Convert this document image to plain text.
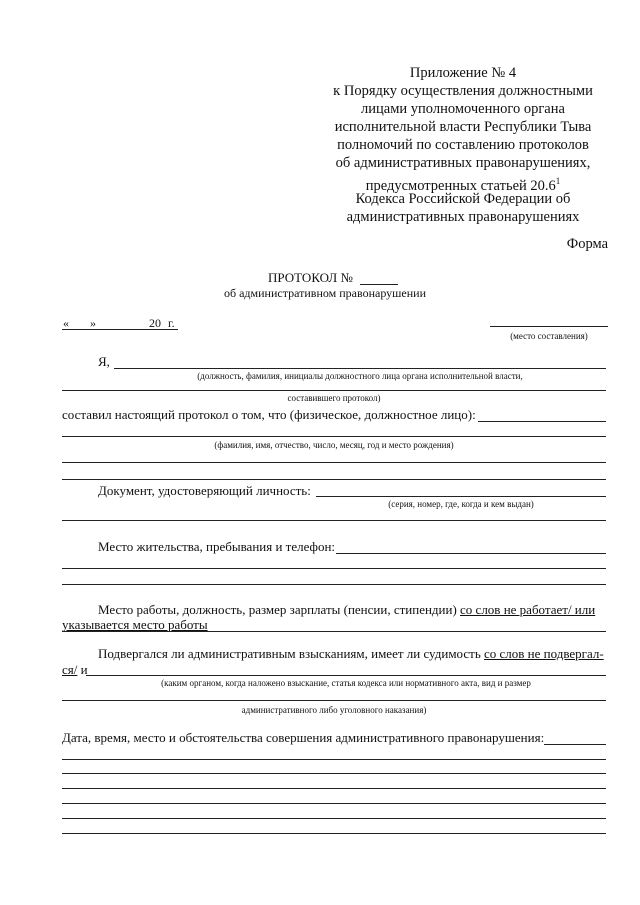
Приложение № 4
к Порядку осуществления должностными
лицами уполномоченного органа
исполнительной власти Республики Тыва
полномочий по составлению протоколов
об административных правонарушениях,
предусмотренных статьей 20.6$^1$
Кодекса Российской Федерации об
административных правонарушениях
Форма
ПРОТОКОЛ №
об административном правонарушении
« »	20 г.
(место составления)
Я,
(должность, фамилия, инициалы должностного лица органа исполнительной власти,
составившего протокол)
составил настоящий протокол о том, что (физическое, должностное лицо):
(фамилия, имя, отчество, число, месяц, год и место рождения)
Документ, удостоверяющий личность:
(серия, номер, где, когда и кем выдан)
Место жительства, пребывания и телефон:
Место работы, должность, размер зарплаты (пенсии, стипендии) со слов не работает/ или
указывается место работы
Подвергался ли административным взысканиям, имеет ли судимость со слов не подвергал-
ся/ и
(каким органом, когда наложено взыскание, статья кодекса или нормативного акта, вид и размер
административного либо уголовного наказания)
Дата, время, место и обстоятельства совершения административного правонарушения:
